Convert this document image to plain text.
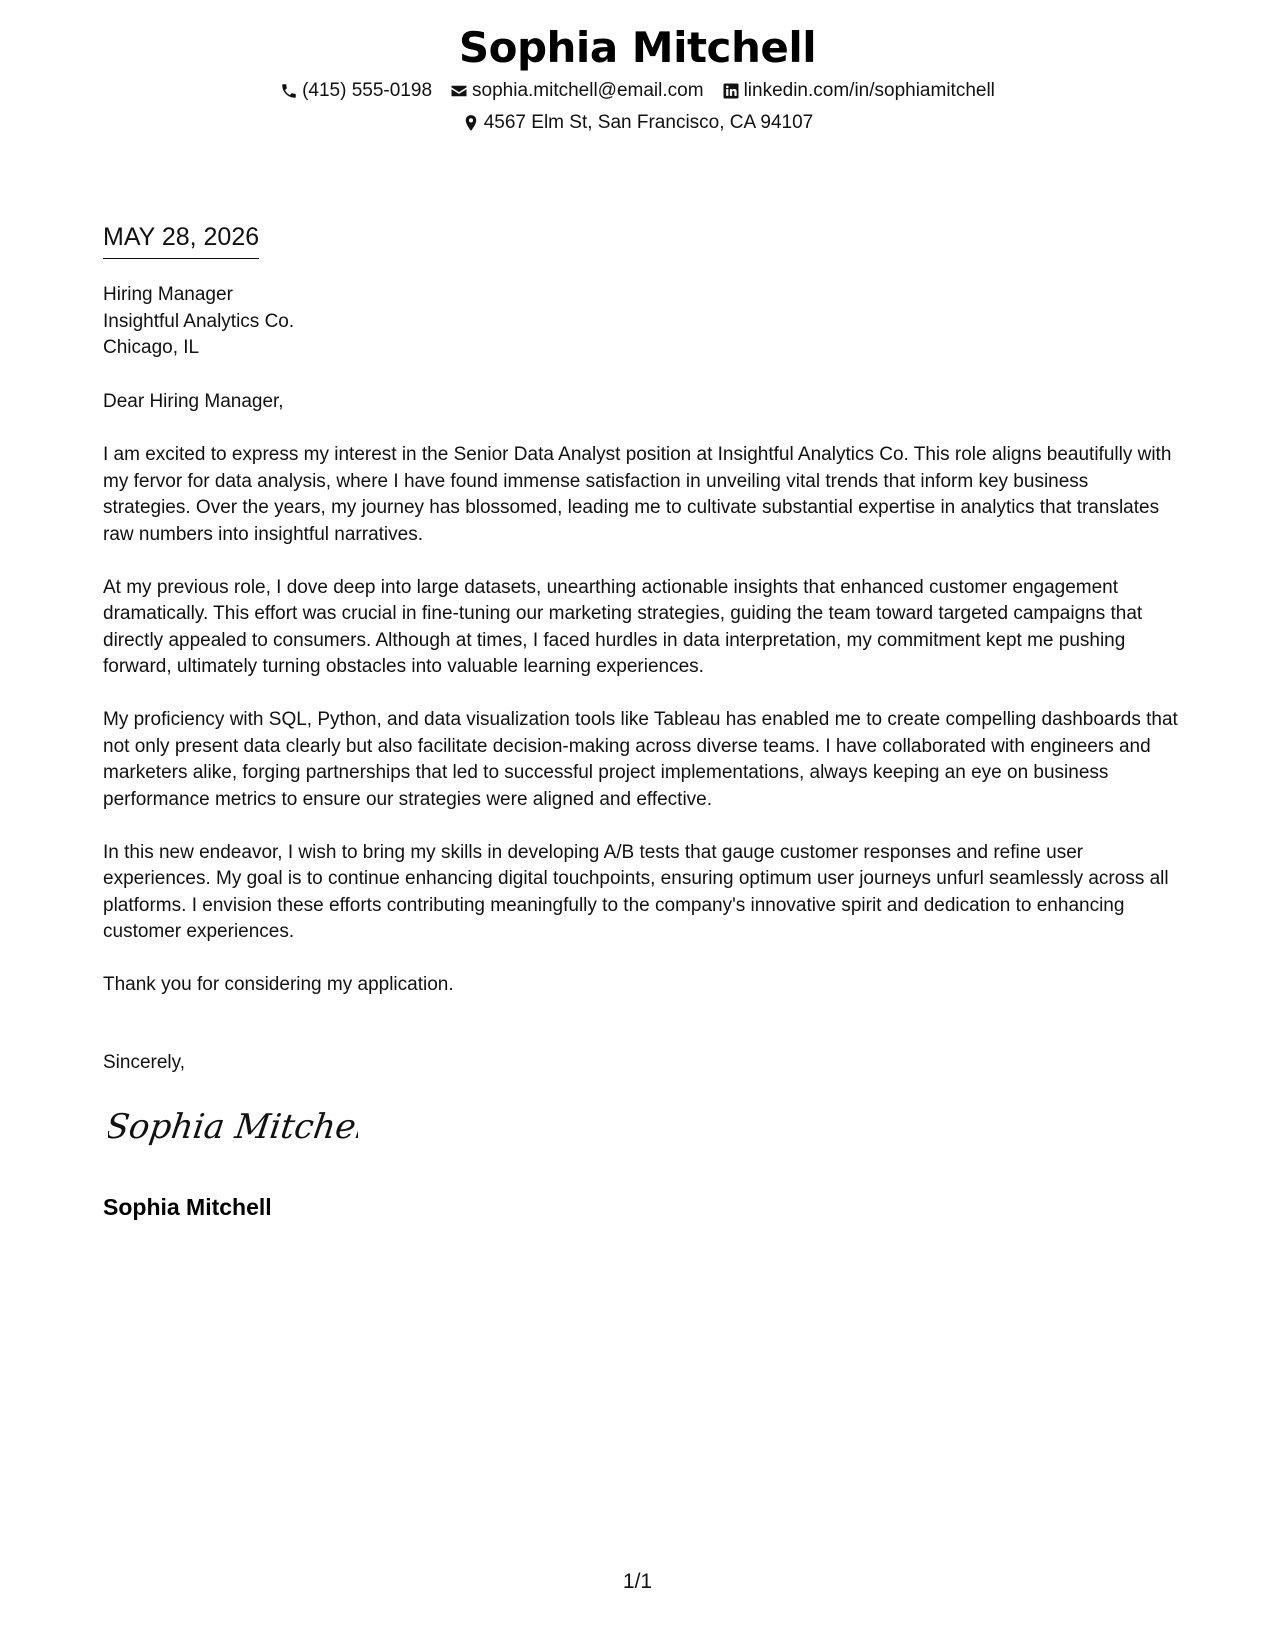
Sophia Mitchell
(415) 555-0198 sophia.mitchell@email.com linkedin.com/in/sophiamitchell
4567 Elm St, San Francisco, CA 94107
MAY 28, 2026
Hiring Manager
Insightful Analytics Co.
Chicago, IL

Dear Hiring Manager,

I am excited to express my interest in the Senior Data Analyst position at Insightful Analytics Co. This role aligns beautifully with my fervor for data analysis, where I have found immense satisfaction in unveiling vital trends that inform key business strategies. Over the years, my journey has blossomed, leading me to cultivate substantial expertise in analytics that translates raw numbers into insightful narratives.

At my previous role, I dove deep into large datasets, unearthing actionable insights that enhanced customer engagement dramatically. This effort was crucial in fine-tuning our marketing strategies, guiding the team toward targeted campaigns that directly appealed to consumers. Although at times, I faced hurdles in data interpretation, my commitment kept me pushing forward, ultimately turning obstacles into valuable learning experiences.

My proficiency with SQL, Python, and data visualization tools like Tableau has enabled me to create compelling dashboards that not only present data clearly but also facilitate decision-making across diverse teams. I have collaborated with engineers and marketers alike, forging partnerships that led to successful project implementations, always keeping an eye on business performance metrics to ensure our strategies were aligned and effective.

In this new endeavor, I wish to bring my skills in developing A/B tests that gauge customer responses and refine user experiences. My goal is to continue enhancing digital touchpoints, ensuring optimum user journeys unfurl seamlessly across all platforms. I envision these efforts contributing meaningfully to the company's innovative spirit and dedication to enhancing customer experiences.

Thank you for considering my application.

Sincerely,
Sophia Mitchell
Sophia Mitchell
1/1
